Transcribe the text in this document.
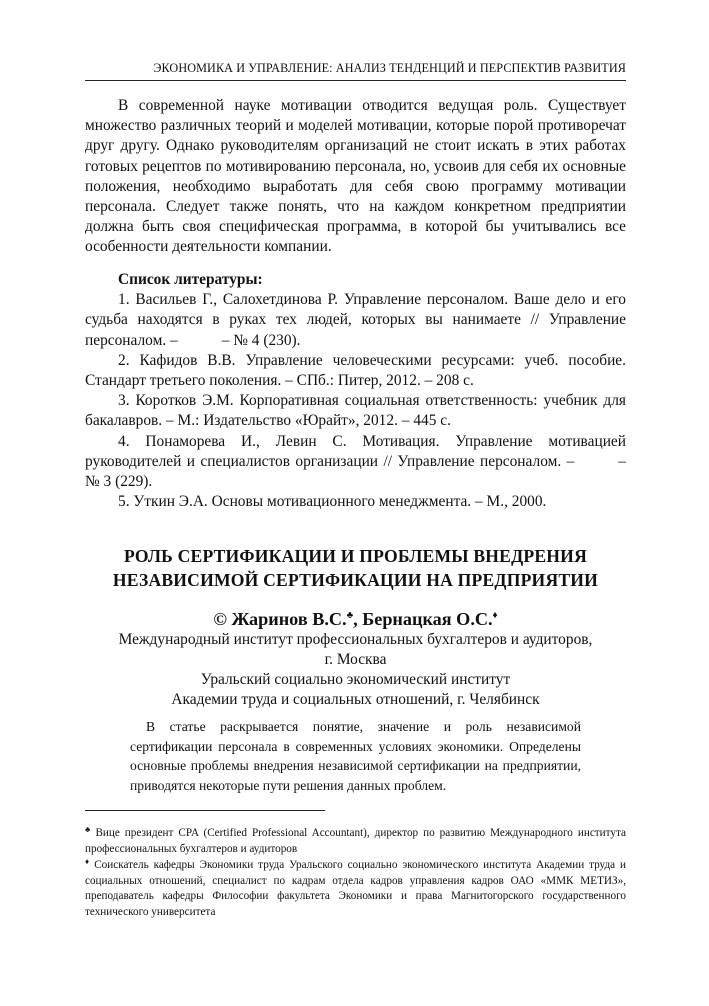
ЭКОНОМИКА И УПРАВЛЕНИЕ: АНАЛИЗ ТЕНДЕНЦИЙ И ПЕРСПЕКТИВ РАЗВИТИЯ

В современной науке мотивации отводится ведущая роль. Существует множество различных теорий и моделей мотивации, которые порой противоречат друг другу. Однако руководителям организаций не стоит искать в этих работах готовых рецептов по мотивированию персонала, но, усвоив для себя их основные положения, необходимо выработать для себя свою программу мотивации персонала. Следует также понять, что на каждом конкретном предприятии должна быть своя специфическая программа, в которой бы учитывались все особенности деятельности компании.

Список литературы:

1. Васильев Г., Салохетдинова Р. Управление персоналом. Ваше дело и его судьба находятся в руках тех людей, которых вы нанимаете // Управление персоналом. –	– № 4 (230).

2. Кафидов В.В. Управление человеческими ресурсами: учеб. пособие. Стандарт третьего поколения. – СПб.: Питер, 2012. – 208 с.

3. Коротков Э.М. Корпоративная социальная ответственность: учебник для бакалавров. – М.: Издательство «Юрайт», 2012. – 445 с.

4. Понаморева И., Левин С. Мотивация. Управление мотивацией руководителей и специалистов организации // Управление персоналом. –	– № 3 (229).

5. Уткин Э.А. Основы мотивационного менеджмента. – М., 2000.

РОЛЬ СЕРТИФИКАЦИИ И ПРОБЛЕМЫ ВНЕДРЕНИЯ
НЕЗАВИСИМОЙ СЕРТИФИКАЦИИ НА ПРЕДПРИЯТИИ

© Жаринов В.С.♣, Бернацкая О.С.♦

Международный институт профессиональных бухгалтеров и аудиторов,

г. Москва

Уральский социально экономический институт

Академии труда и социальных отношений, г. Челябинск

В статье раскрывается понятие, значение и роль независимой сертификации персонала в современных условиях экономики. Определены основные проблемы внедрения независимой сертификации на предприятии, приводятся некоторые пути решения данных проблем.

♣ Вице президент CPA (Certified Professional Accountant), директор по развитию Международного института профессиональных бухгалтеров и аудиторов

♦ Соискатель кафедры Экономики труда Уральского социально экономического института Академии труда и социальных отношений, специалист по кадрам отдела кадров управления кадров ОАО «ММК МЕТИЗ», преподаватель кафедры Философии факультета Экономики и права Магнитогорского государственного технического университета
